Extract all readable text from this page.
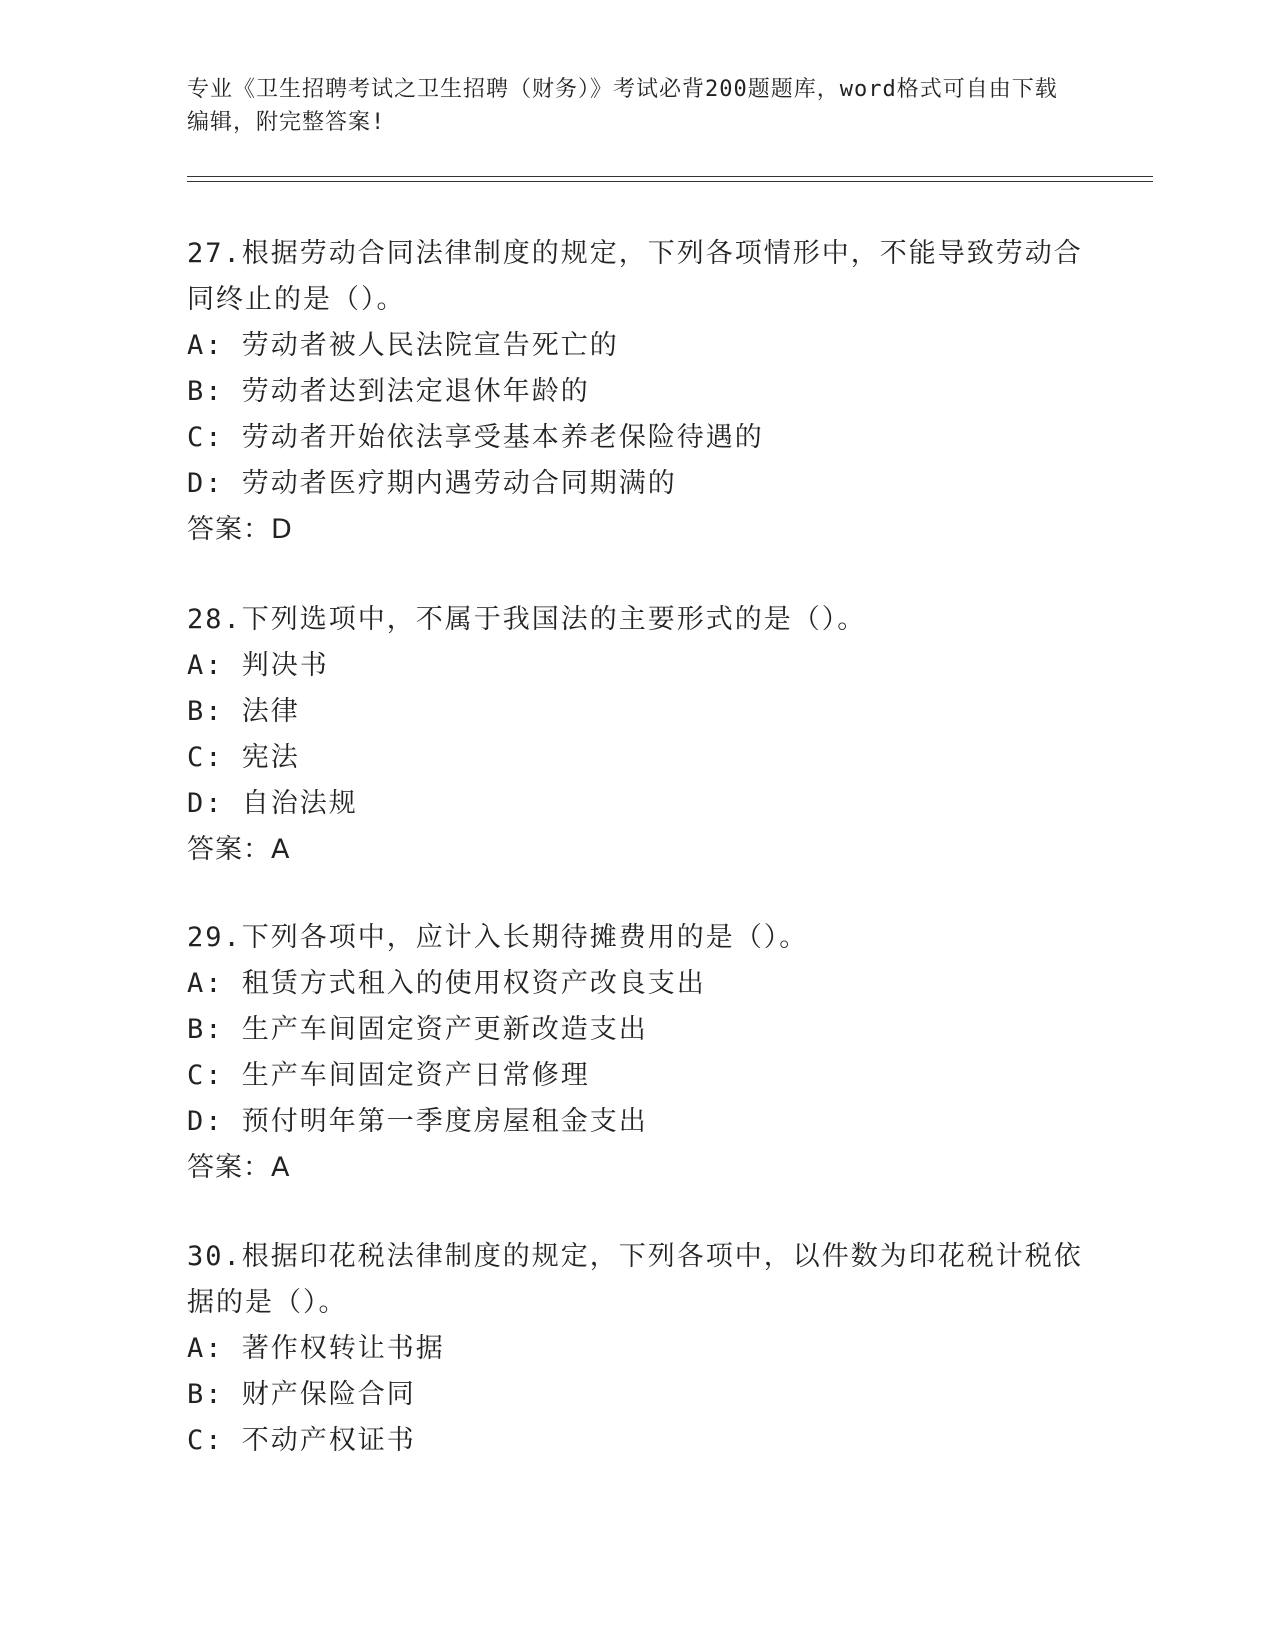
专业《卫生招聘考试之卫生招聘（财务）》考试必背200题题库，word格式可自由下载编辑，附完整答案!
27.根据劳动合同法律制度的规定，下列各项情形中，不能导致劳动合同终止的是（）。
A: 劳动者被人民法院宣告死亡的
B: 劳动者达到法定退休年龄的
C: 劳动者开始依法享受基本养老保险待遇的
D: 劳动者医疗期内遇劳动合同期满的
答案：D
28.下列选项中，不属于我国法的主要形式的是（）。
A: 判决书
B: 法律
C: 宪法
D: 自治法规
答案：A
29.下列各项中，应计入长期待摊费用的是（）。
A: 租赁方式租入的使用权资产改良支出
B: 生产车间固定资产更新改造支出
C: 生产车间固定资产日常修理
D: 预付明年第一季度房屋租金支出
答案：A
30.根据印花税法律制度的规定，下列各项中，以件数为印花税计税依据的是（）。
A: 著作权转让书据
B: 财产保险合同
C: 不动产权证书
